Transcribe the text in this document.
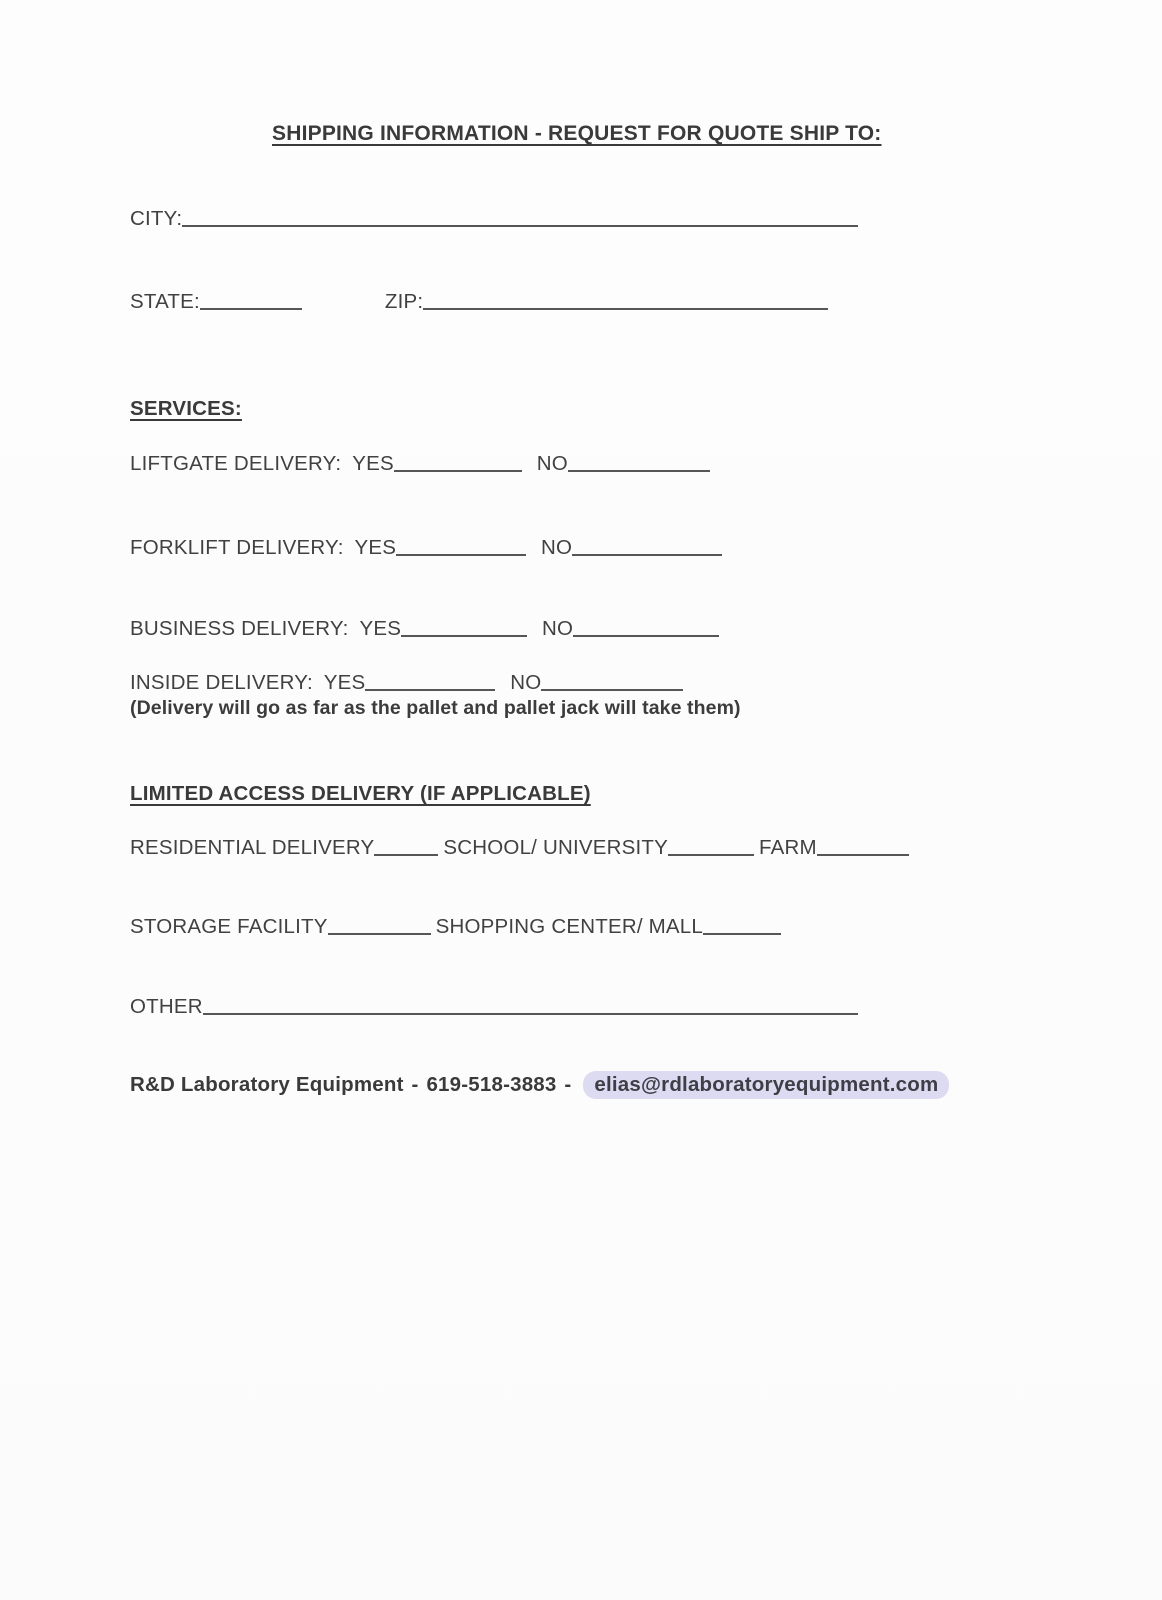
SHIPPING INFORMATION - REQUEST FOR QUOTE SHIP TO:
CITY:
STATE:	ZIP:
SERVICES:
LIFTGATE DELIVERY: YES	NO
FORKLIFT DELIVERY: YES	NO
BUSINESS DELIVERY: YES	NO
INSIDE DELIVERY: YES	NO
(Delivery will go as far as the pallet and pallet jack will take them)
LIMITED ACCESS DELIVERY (IF APPLICABLE)
RESIDENTIAL DELIVERY	SCHOOL/ UNIVERSITY	FARM
STORAGE FACILITY	SHOPPING CENTER/ MALL
OTHER
R&D Laboratory Equipment - 619-518-3883 - elias@rdlaboratoryequipment.com
